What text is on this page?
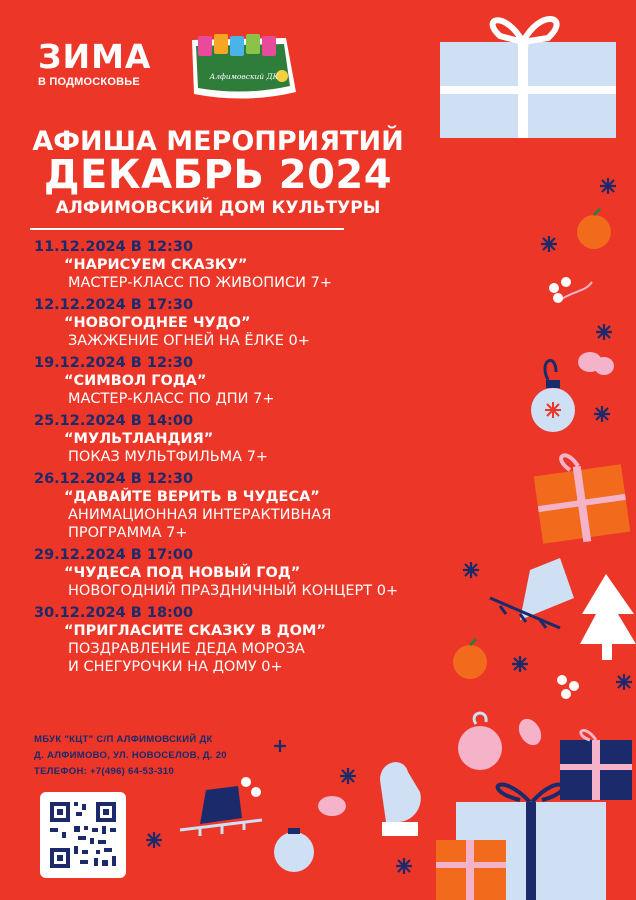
ЗИМА
В ПОДМОСКОВЬЕ	Алфимовский ДК
АФИША МЕРОПРИЯТИЙ
ДЕКАБРЬ 2024
АЛФИМОВСКИЙ ДОМ КУЛЬТУРЫ
11.12.2024 В 12:30
“НАРИСУЕМ СКАЗКУ”
МАСТЕР-КЛАСС ПО ЖИВОПИСИ 7+
12.12.2024 В 17:30
“НОВОГОДНЕЕ ЧУДО”
ЗАЖЖЕНИЕ ОГНЕЙ НА ЁЛКЕ 0+
19.12.2024 В 12:30
“СИМВОЛ ГОДА”
МАСТЕР-КЛАСС ПО ДПИ 7+
25.12.2024 В 14:00
“МУЛЬТЛАНДИЯ”
ПОКАЗ МУЛЬТФИЛЬМА 7+
26.12.2024 В 12:30
“ДАВАЙТЕ ВЕРИТЬ В ЧУДЕСА”
АНИМАЦИОННАЯ ИНТЕРАКТИВНАЯ
ПРОГРАММА 7+
29.12.2024 В 17:00
“ЧУДЕСА ПОД НОВЫЙ ГОД”
НОВОГОДНИЙ ПРАЗДНИЧНЫЙ КОНЦЕРТ 0+
30.12.2024 В 18:00
“ПРИГЛАСИТЕ СКАЗКУ В ДОМ”
ПОЗДРАВЛЕНИЕ ДЕДА МОРОЗА
И СНЕГУРОЧКИ НА ДОМУ 0+
МБУК "КЦТ" С/П АЛФИМОВСКИЙ ДК
Д. АЛФИМОВО, УЛ. НОВОСЕЛОВ, Д. 20
ТЕЛЕФОН: +7(496) 64-53-310
